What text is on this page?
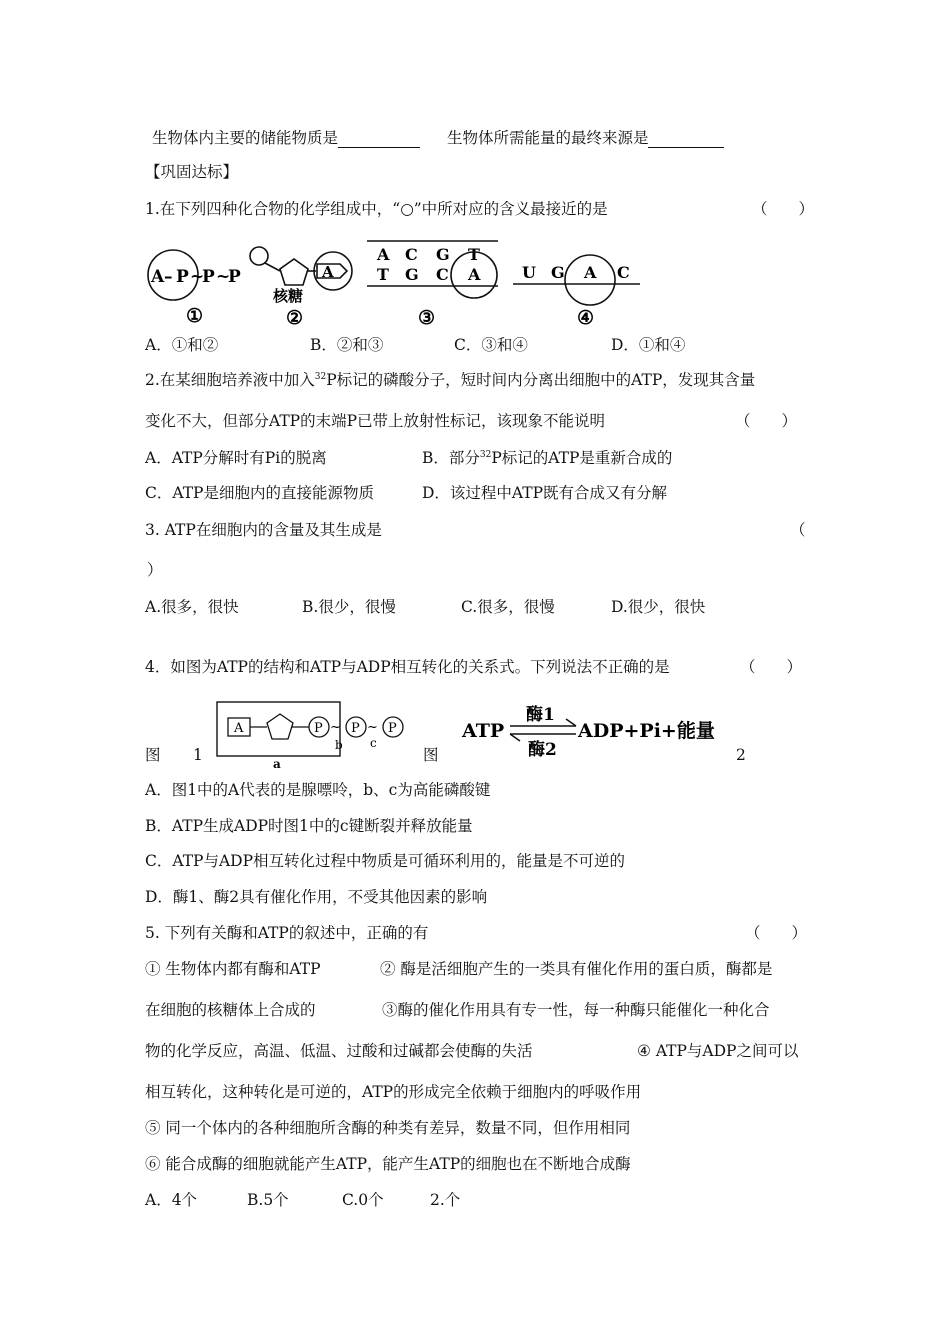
生物体内主要的储能物质是	生物体所需能量的最终来源是
【巩固达标】
1.在下列四种化合物的化学组成中，“○”中所对应的含义最接近的是	（　　）
A – P ~
P ~
P
①
A
核糖
②
A C G T
T G C A
③
U G A C
④
A．①和②	B．②和③	C．③和④	D．①和④
2.在某细胞培养液中加入$^{32}$P标记的磷酸分子，短时间内分离出细胞中的ATP，发现其含量
变化不大，但部分ATP的末端P已带上放射性标记，该现象不能说明	（　　）
A．ATP分解时有Pi的脱离	B．部分$^{32}$P标记的ATP是重新合成的
C．ATP是细胞内的直接能源物质	D．该过程中ATP既有合成又有分解
3. ATP在细胞内的含量及其生成是	（
）
A.很多，很快	B.很少，很慢	C.很多，很慢	D.很少，很快
4．如图为ATP的结构和ATP与ADP相互转化的关系式。下列说法不正确的是	（　　）
图 1
A	P ~ P ~ P
b c
a	图
ATP
酶1
酶2
ADP+Pi+能量
2
A．图1中的A代表的是腺嘌呤，b、c为高能磷酸键
B．ATP生成ADP时图1中的c键断裂并释放能量
C．ATP与ADP相互转化过程中物质是可循环利用的，能量是不可逆的
D．酶1、酶2具有催化作用，不受其他因素的影响
5. 下列有关酶和ATP的叙述中，正确的有	（　　）
① 生物体内都有酶和ATP	② 酶是活细胞产生的一类具有催化作用的蛋白质，酶都是
在细胞的核糖体上合成的	③酶的催化作用具有专一性，每一种酶只能催化一种化合
物的化学反应，高温、低温、过酸和过碱都会使酶的失活	④ ATP与ADP之间可以
相互转化，这种转化是可逆的，ATP的形成完全依赖于细胞内的呼吸作用
⑤ 同一个体内的各种细胞所含酶的种类有差异，数量不同，但作用相同
⑥ 能合成酶的细胞就能产生ATP，能产生ATP的细胞也在不断地合成酶
A．4个	B.5个	C.0个	2.个
